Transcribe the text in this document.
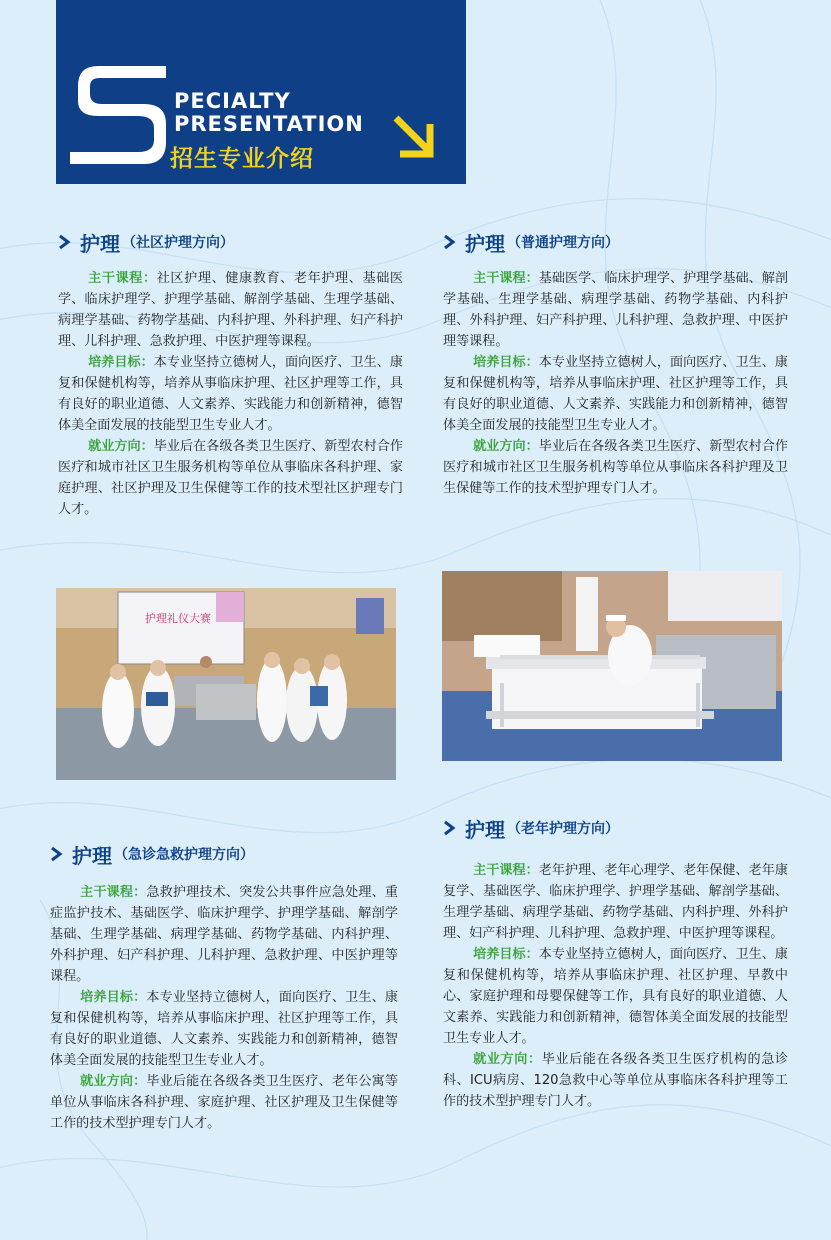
PECIALTY
PRESENTATION
招生专业介绍
护理 （社区护理方向）

主干课程：社区护理、健康教育、老年护理、基础医学、临床护理学、护理学基础、解剖学基础、生理学基础、病理学基础、药物学基础、内科护理、外科护理、妇产科护理、儿科护理、急救护理、中医护理等课程。

培养目标：本专业坚持立德树人，面向医疗、卫生、康复和保健机构等，培养从事临床护理、社区护理等工作，具有良好的职业道德、人文素养、实践能力和创新精神，德智体美全面发展的技能型卫生专业人才。

就业方向：毕业后在各级各类卫生医疗、新型农村合作医疗和城市社区卫生服务机构等单位从事临床各科护理、家庭护理、社区护理及卫生保健等工作的技术型社区护理专门人才。

护理 （普通护理方向）

主干课程：基础医学、临床护理学、护理学基础、解剖学基础、生理学基础、病理学基础、药物学基础、内科护理、外科护理、妇产科护理、儿科护理、急救护理、中医护理等课程。

培养目标：本专业坚持立德树人，面向医疗、卫生、康复和保健机构等，培养从事临床护理、社区护理等工作，具有良好的职业道德、人文素养、实践能力和创新精神，德智体美全面发展的技能型卫生专业人才。

就业方向：毕业后在各级各类卫生医疗、新型农村合作医疗和城市社区卫生服务机构等单位从事临床各科护理及卫生保健等工作的技术型护理专门人才。

护理礼仪大赛
护理 （急诊急救护理方向）

主干课程：急救护理技术、突发公共事件应急处理、重症监护技术、基础医学、临床护理学、护理学基础、解剖学基础、生理学基础、病理学基础、药物学基础、内科护理、外科护理、妇产科护理、儿科护理、急救护理、中医护理等课程。

培养目标：本专业坚持立德树人，面向医疗、卫生、康复和保健机构等，培养从事临床护理、社区护理等工作，具有良好的职业道德、人文素养、实践能力和创新精神，德智体美全面发展的技能型卫生专业人才。

就业方向：毕业后能在各级各类卫生医疗、老年公寓等单位从事临床各科护理、家庭护理、社区护理及卫生保健等工作的技术型护理专门人才。

护理 （老年护理方向）

主干课程：老年护理、老年心理学、老年保健、老年康复学、基础医学、临床护理学、护理学基础、解剖学基础、生理学基础、病理学基础、药物学基础、内科护理、外科护理、妇产科护理、儿科护理、急救护理、中医护理等课程。

培养目标：本专业坚持立德树人，面向医疗、卫生、康复和保健机构等，培养从事临床护理、社区护理、早教中心、家庭护理和母婴保健等工作，具有良好的职业道德、人文素养、实践能力和创新精神，德智体美全面发展的技能型卫生专业人才。

就业方向：毕业后能在各级各类卫生医疗机构的急诊科、ICU病房、120急救中心等单位从事临床各科护理等工作的技术型护理专门人才。
